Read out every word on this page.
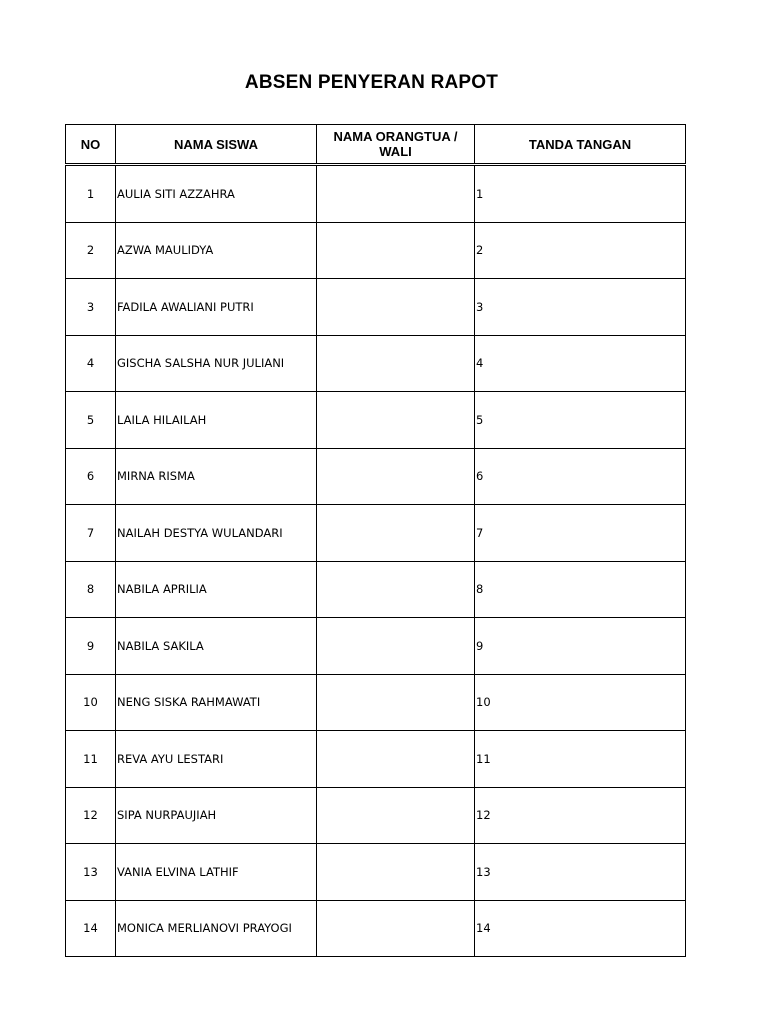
ABSEN PENYERAN RAPOT
NO	NAMA SISWA	NAMA ORANGTUA / WALI	TANDA TANGAN
1	AULIA SITI AZZAHRA		1
2	AZWA MAULIDYA		2
3	FADILA AWALIANI PUTRI		3
4	GISCHA SALSHA NUR JULIANI		4
5	LAILA HILAILAH		5
6	MIRNA RISMA		6
7	NAILAH DESTYA WULANDARI		7
8	NABILA APRILIA		8
9	NABILA SAKILA		9
10	NENG SISKA RAHMAWATI		10
11	REVA AYU LESTARI		11
12	SIPA NURPAUJIAH		12
13	VANIA ELVINA LATHIF		13
14	MONICA MERLIANOVI PRAYOGI		14
